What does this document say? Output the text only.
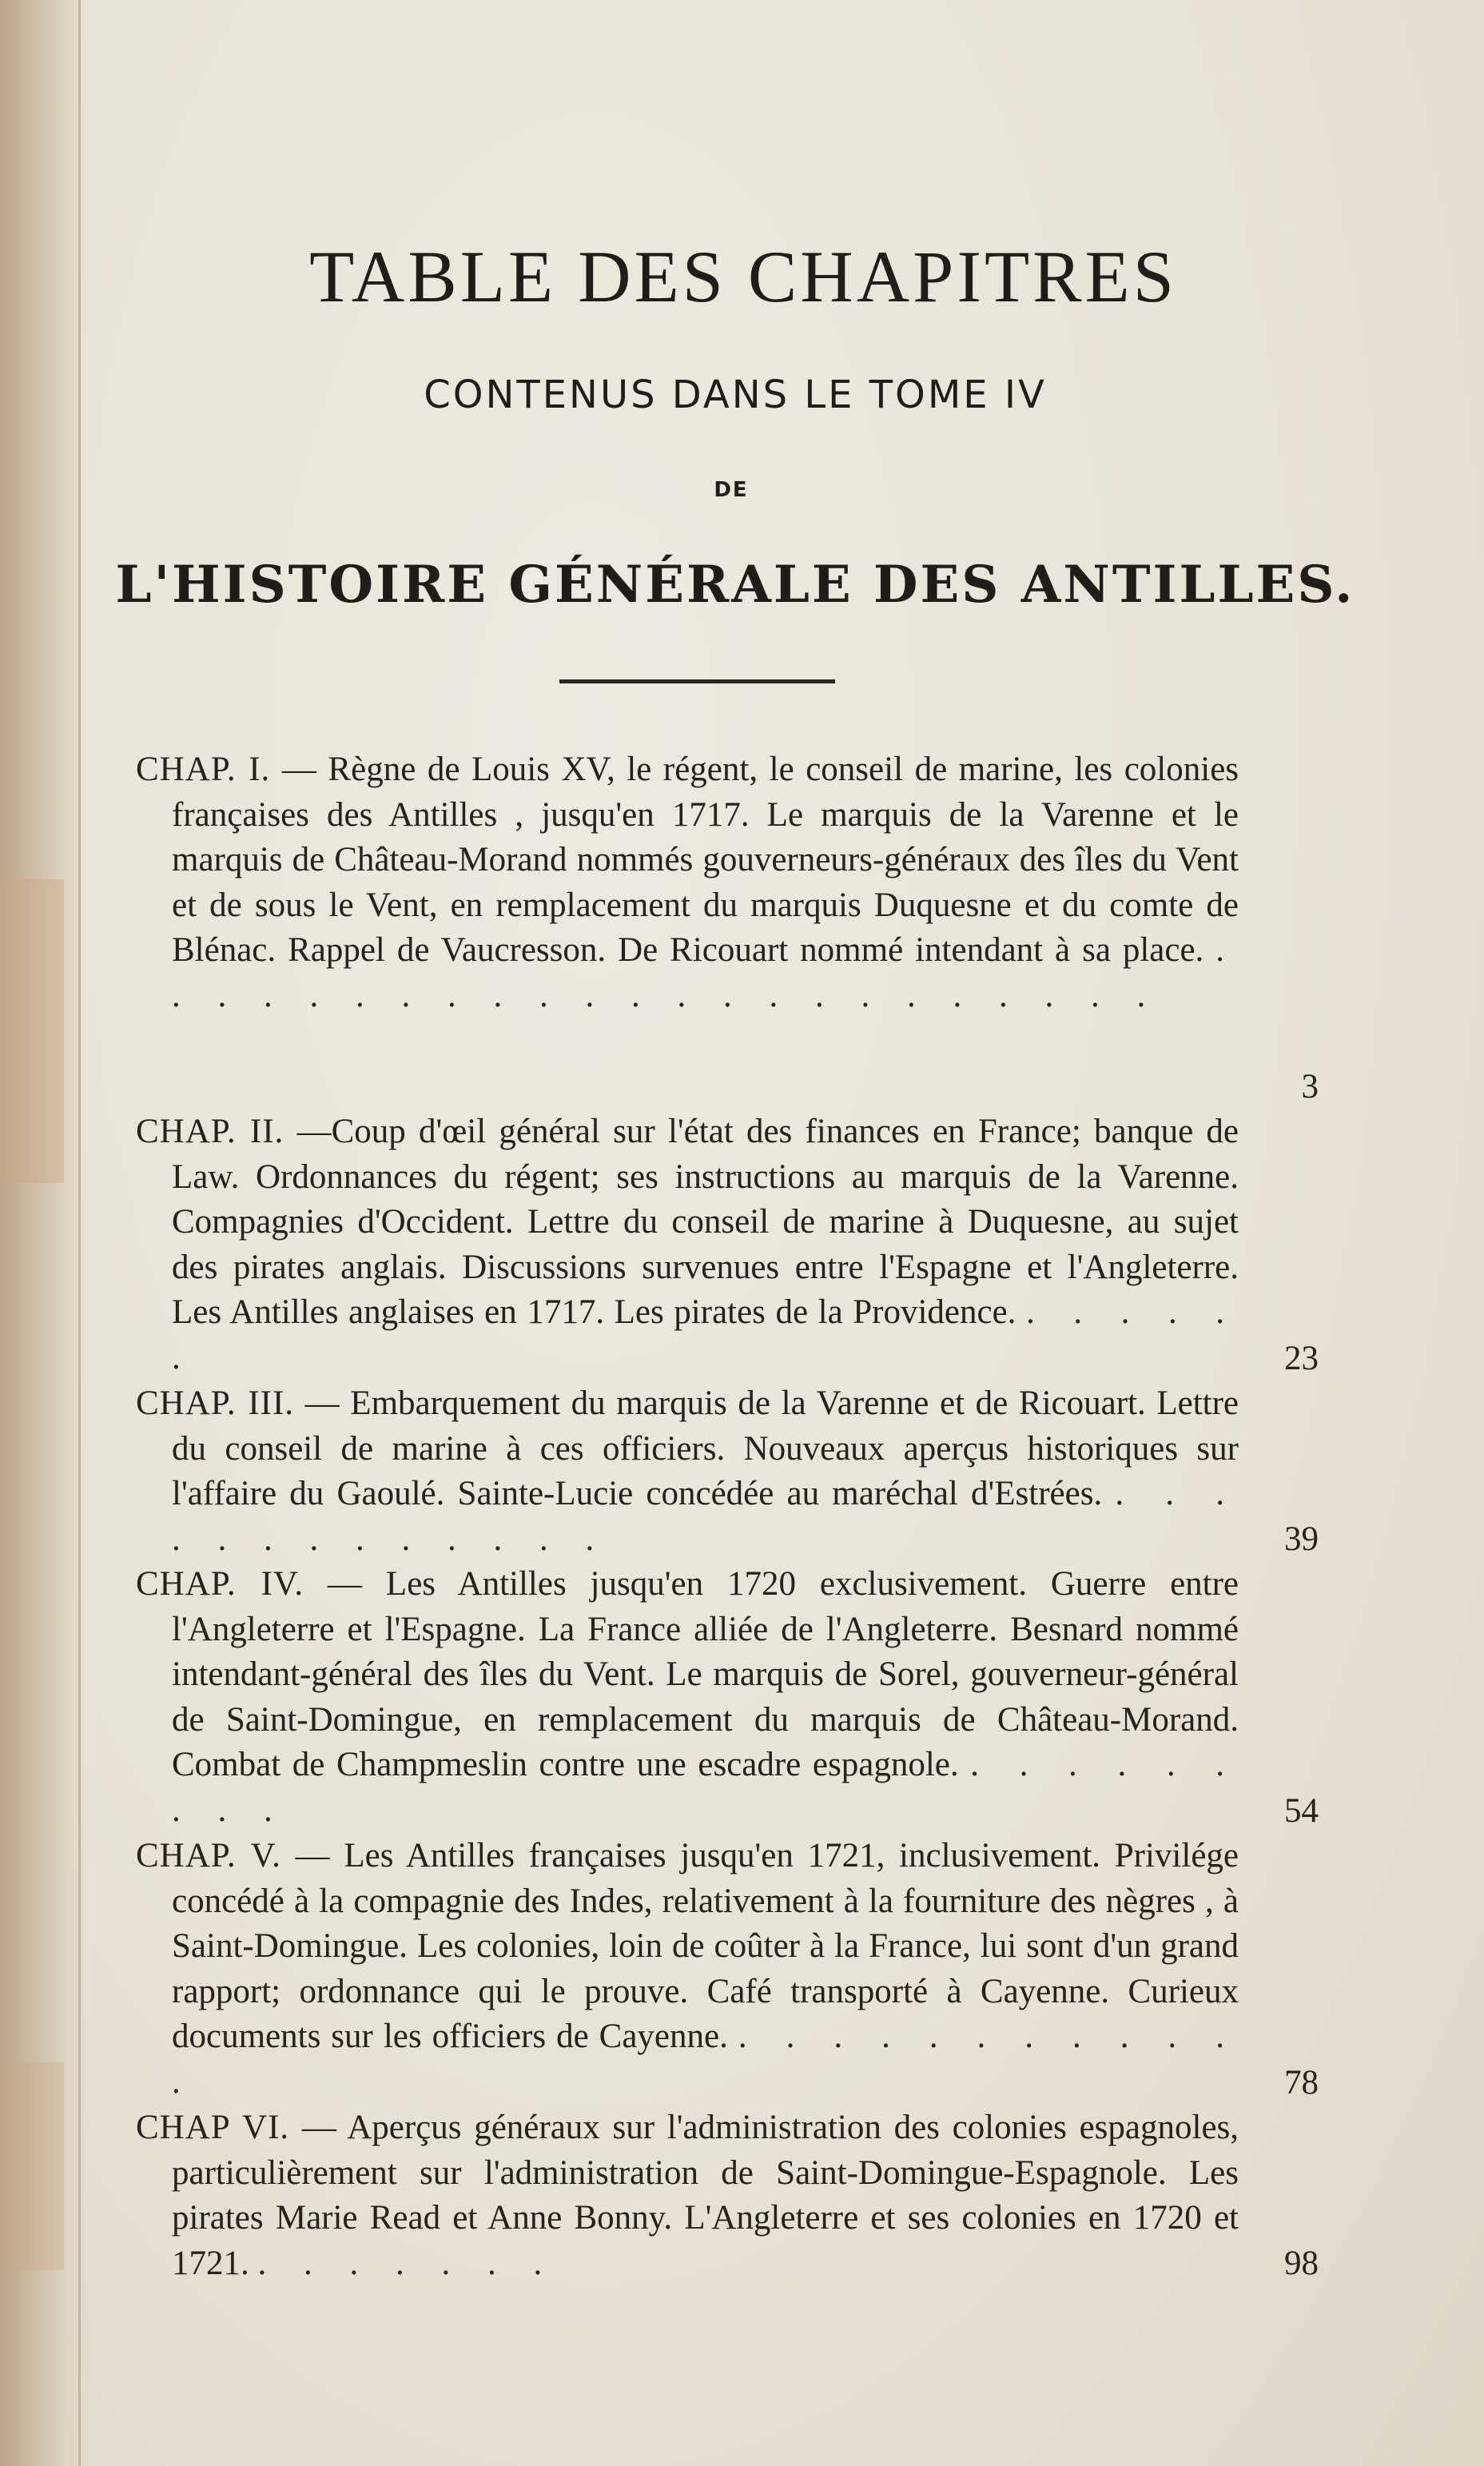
TABLE DES CHAPITRES
CONTENUS DANS LE TOME IV
DE
L'HISTOIRE GÉNÉRALE DES ANTILLES.
CHAP. I. — Règne de Louis XV, le régent, le conseil de marine, les colonies françaises des Antilles , jusqu'en 1717. Le marquis de la Varenne et le marquis de Château-Morand nommés gouverneurs-généraux des îles du Vent et de sous le Vent, en remplacement du marquis Duquesne et du comte de Blénac. Rappel de Vaucresson. De Ricouart nommé intendant à sa place. . . . . . . . . . . . . . . . . . . . . . . .
3
CHAP. II. —Coup d'œil général sur l'état des finances en France; banque de Law. Ordonnances du régent; ses instructions au marquis de la Varenne. Compagnies d'Occident. Lettre du conseil de marine à Duquesne, au sujet des pirates anglais. Discussions survenues entre l'Espagne et l'Angleterre. Les Antilles anglaises en 1717. Les pirates de la Providence. . . . . . .	23
CHAP. III. — Embarquement du marquis de la Varenne et de Ricouart. Lettre du conseil de marine à ces officiers. Nouveaux aperçus historiques sur l'affaire du Gaoulé. Sainte-Lucie concédée au maréchal d'Estrées. . . . . . . . . . . . . .	39
CHAP. IV. — Les Antilles jusqu'en 1720 exclusivement. Guerre entre l'Angleterre et l'Espagne. La France alliée de l'Angleterre. Besnard nommé intendant-général des îles du Vent. Le marquis de Sorel, gouverneur-général de Saint-Domingue, en remplacement du marquis de Château-Morand. Combat de Champmeslin contre une escadre espagnole. . . . . . . . . .	54
CHAP. V. — Les Antilles françaises jusqu'en 1721, inclusivement. Privilége concédé à la compagnie des Indes, relativement à la fourniture des nègres , à Saint-Domingue. Les colonies, loin de coûter à la France, lui sont d'un grand rapport; ordonnance qui le prouve. Café transporté à Cayenne. Curieux documents sur les officiers de Cayenne. . . . . . . . . . . . .	78
CHAP VI. — Aperçus généraux sur l'administration des colonies espagnoles, particulièrement sur l'administration de Saint-Domingue-Espagnole. Les pirates Marie Read et Anne Bonny. L'Angleterre et ses colonies en 1720 et 1721. . . . . . . .	98
